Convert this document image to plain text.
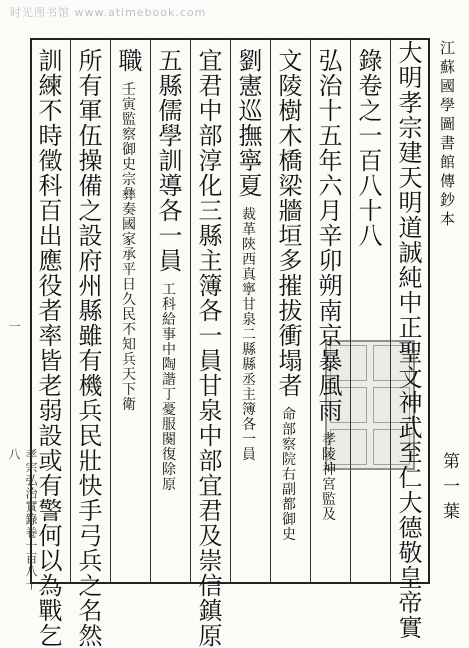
时光图书馆 www.atimebook.com
江蘇國學圖書館傳鈔本
第一葉
一
孝宗弘治實錄卷一百八十八	大明孝宗建天明道誠純中正聖文神武至仁大德敬皇帝實
錄卷之一百八十八
弘治十五年六月辛卯朔南京暴風雨 孝陵神宮監及
文陵樹木橋梁牆垣多摧拔衝塌者 命部察院右副都御史
劉憲巡撫寧夏 裁革陝西真寧甘泉二縣縣丞主簿各一員
宜君中部淳化三縣主簿各一員甘泉中部宜君及崇信鎮原
五縣儒學訓導各一員 工科給事中陶諧丁憂服闋復除原
職 壬寅監察御史宗彝奏國家承平日久民不知兵天下衛
所有軍伍操備之設府州縣雖有機兵民壯快手弓兵之名然
訓練不時徵科百出應役者率皆老弱設或有警何以為戰乞
